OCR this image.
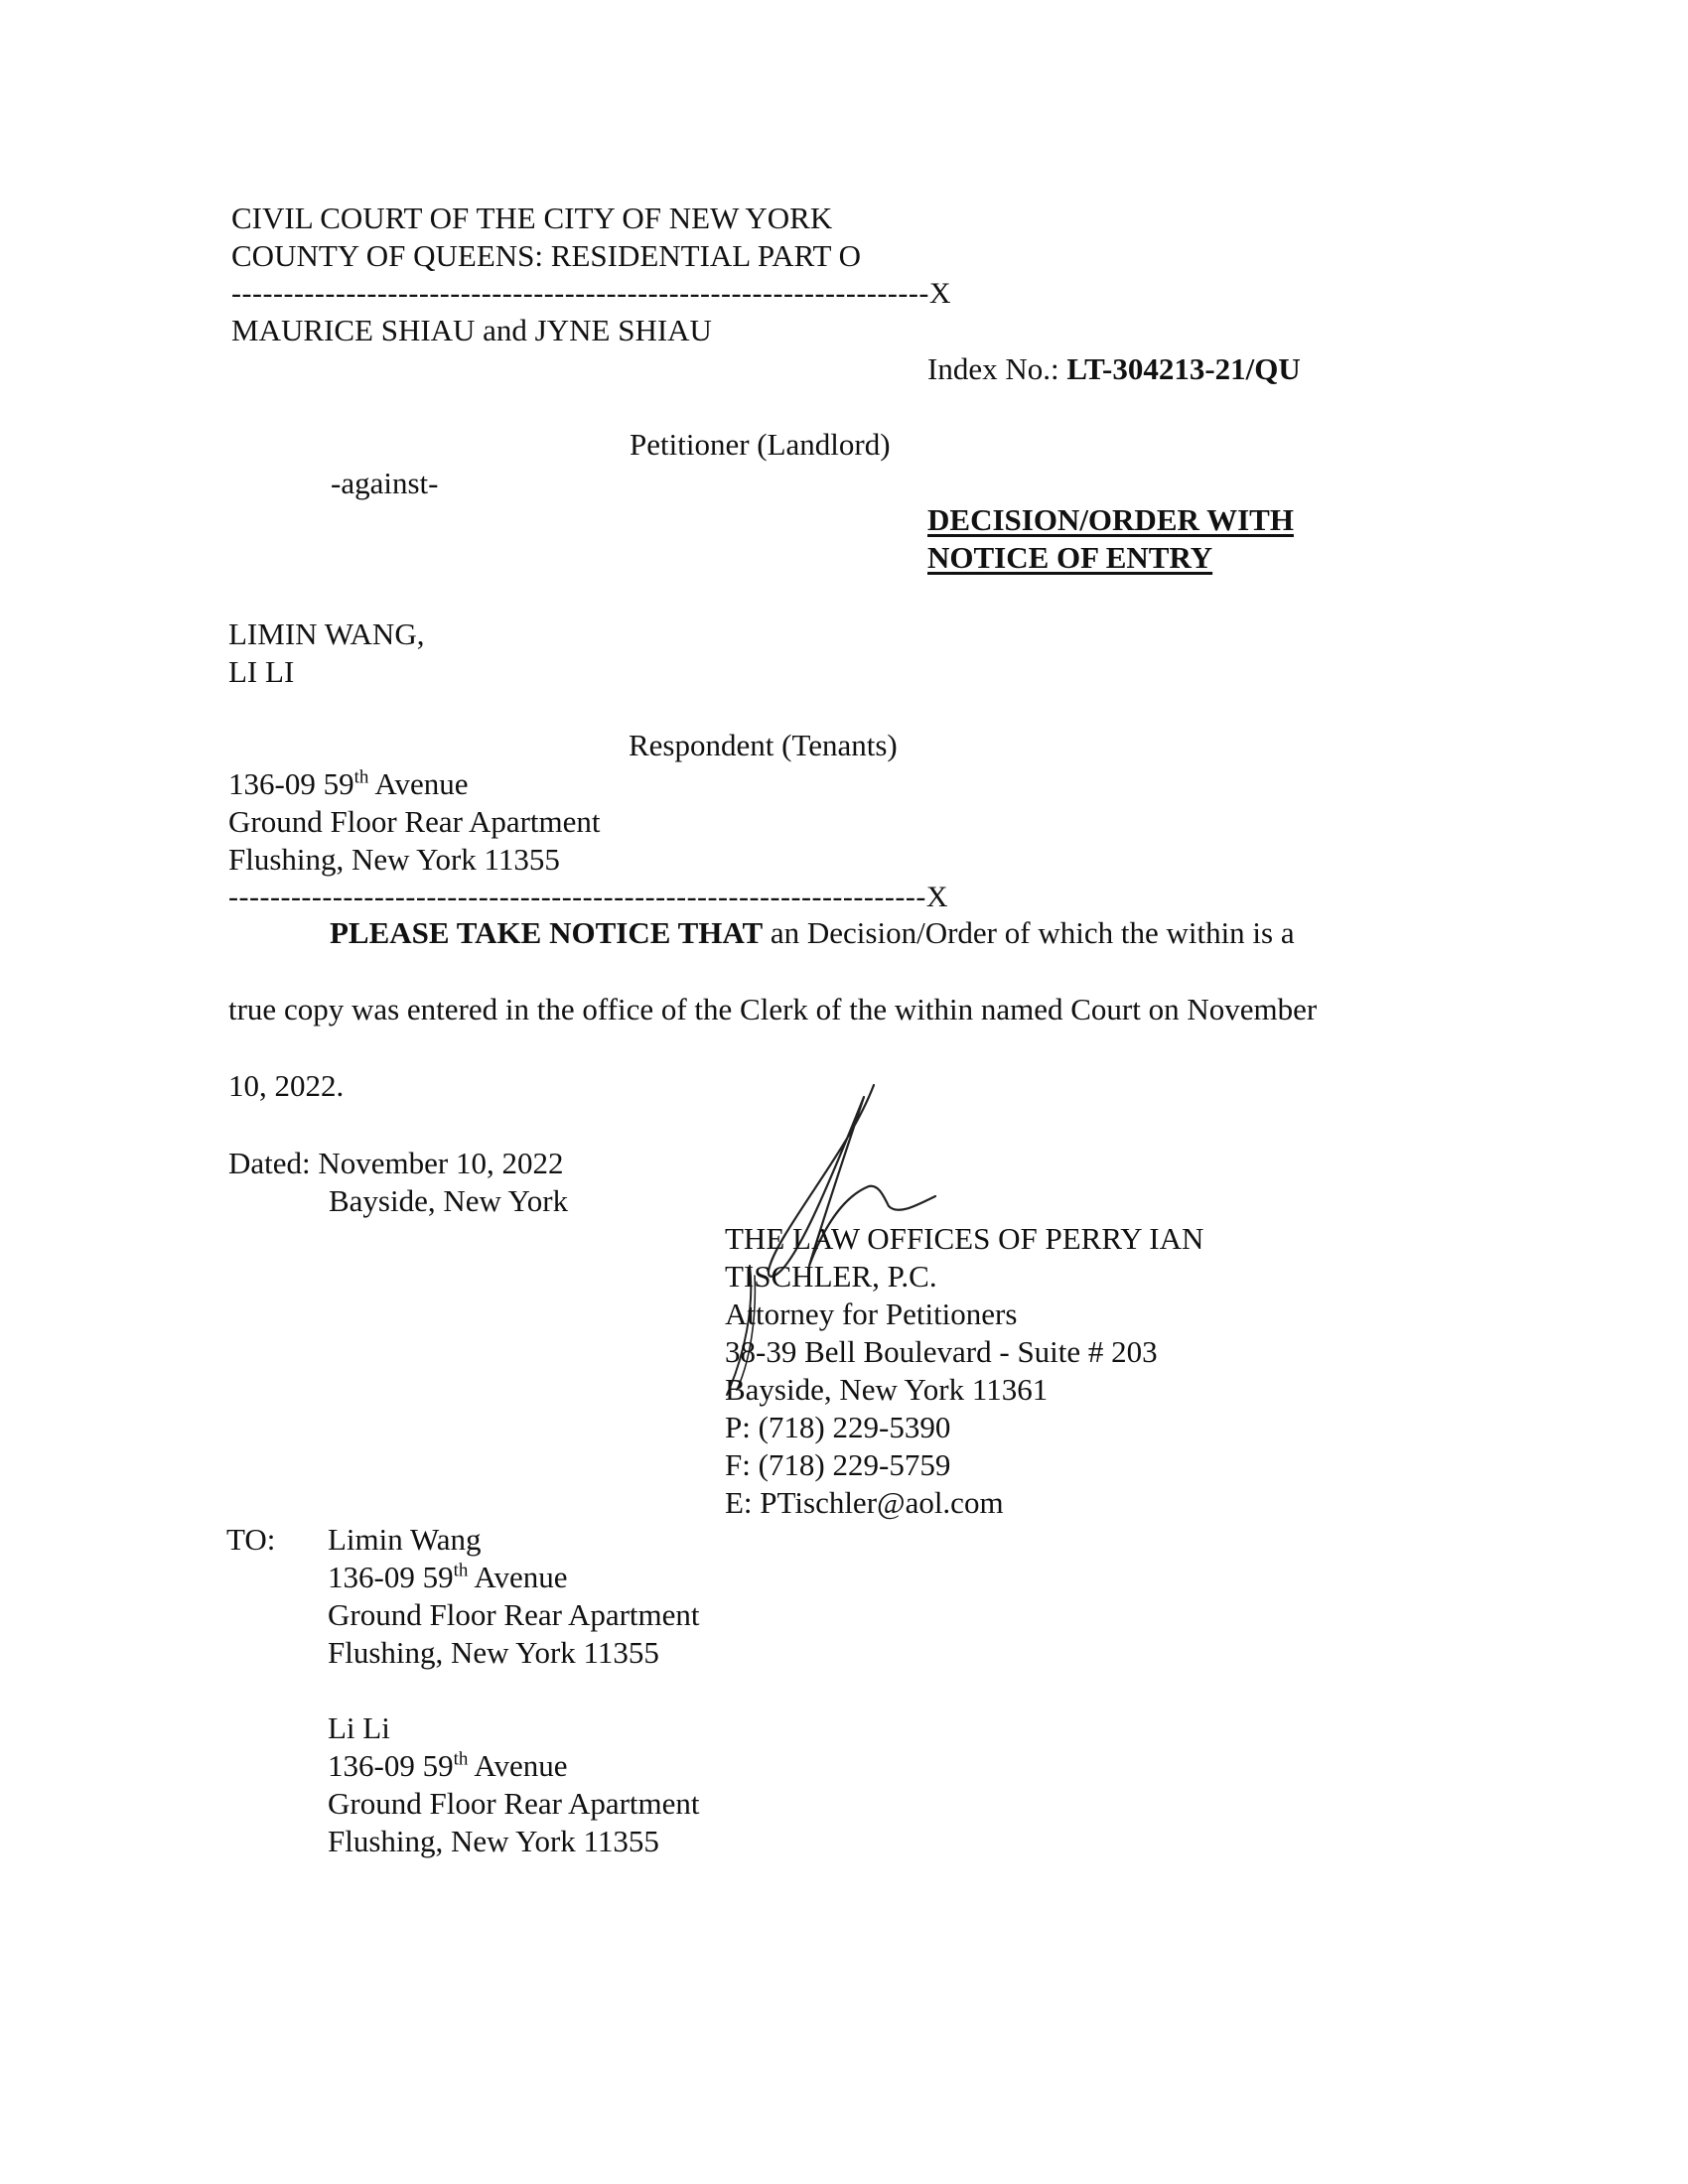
CIVIL COURT OF THE CITY OF NEW YORK
COUNTY OF QUEENS: RESIDENTIAL PART O
-------------------------------------------------------------------X
MAURICE SHIAU and JYNE SHIAU
Index No.: LT-304213-21/QU
Petitioner (Landlord)
-against-
DECISION/ORDER WITH
NOTICE OF ENTRY
LIMIN WANG,
LI LI
Respondent (Tenants)
136-09 59th Avenue
Ground Floor Rear Apartment
Flushing, New York 11355
-------------------------------------------------------------------X
PLEASE TAKE NOTICE THAT an Decision/Order of which the within is a
true copy was entered in the office of the Clerk of the within named Court on November
10, 2022.
Dated: November 10, 2022
Bayside, New York
THE LAW OFFICES OF PERRY IAN
TISCHLER, P.C.
Attorney for Petitioners
38-39 Bell Boulevard - Suite # 203
Bayside, New York 11361
P: (718) 229-5390
F: (718) 229-5759
E: PTischler@aol.com
TO: Limin Wang
136-09 59th Avenue
Ground Floor Rear Apartment
Flushing, New York 11355
Li Li
136-09 59th Avenue
Ground Floor Rear Apartment
Flushing, New York 11355
